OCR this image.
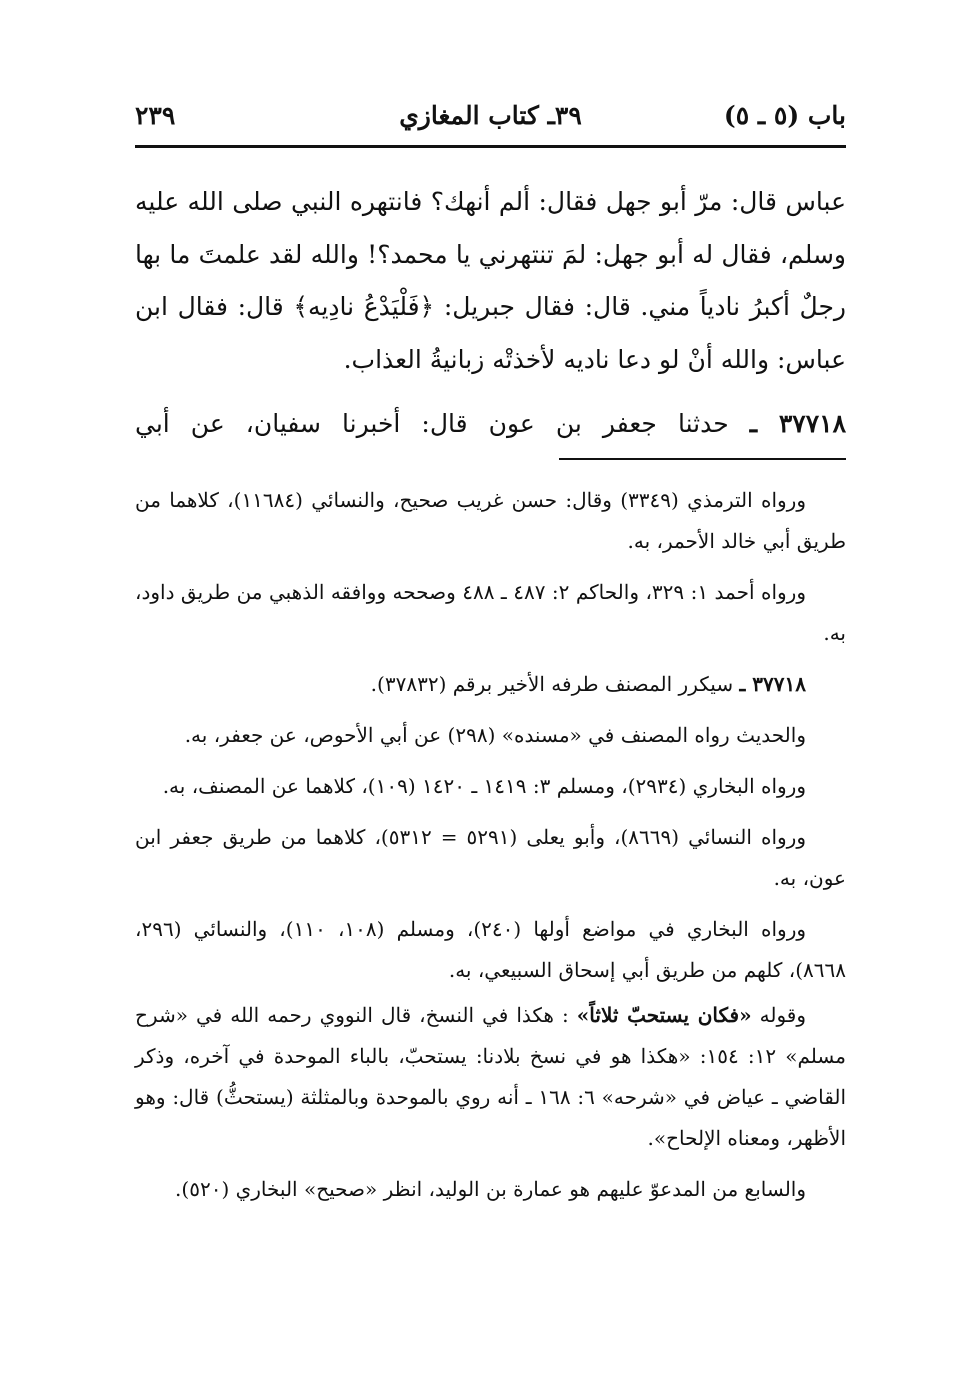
باب (٥ ـ ٥)
٣٩ـ كتاب المغازي
٢٣٩

عباس قال: مرّ أبو جهل فقال: ألم أنهك؟ فانتهره النبي صلى الله عليه وسلم، فقال له أبو جهل: لمَ تنتهرني يا محمد؟! والله لقد علمتَ ما بها رجلٌ أكبرُ نادياً مني. قال: فقال جبريل: ﴿فَلْيَدْعُ نادِيه﴾ قال: فقال ابن عباس: والله أنْ لو دعا ناديه لأخذتْه زبانيةُ العذاب.

٣٧٧١٨ ـ حدثنا جعفر بن عون قال: أخبرنا سفيان، عن أبي

ورواه الترمذي (٣٣٤٩) وقال: حسن غريب صحيح، والنسائي (١١٦٨٤)، كلاهما من طريق أبي خالد الأحمر، به.

ورواه أحمد ١: ٣٢٩، والحاكم ٢: ٤٨٧ ـ ٤٨٨ وصححه ووافقه الذهبي من طريق داود، به.

٣٧٧١٨ ـ سيكرر المصنف طرفه الأخير برقم (٣٧٨٣٢).

والحديث رواه المصنف في «مسنده» (٢٩٨) عن أبي الأحوص، عن جعفر، به.

ورواه البخاري (٢٩٣٤)، ومسلم ٣: ١٤١٩ ـ ١٤٢٠ (١٠٩)، كلاهما عن المصنف، به.

ورواه النسائي (٨٦٦٩)، وأبو يعلى (٥٢٩١ = ٥٣١٢)، كلاهما من طريق جعفر ابن عون، به.

ورواه البخاري في مواضع أولها (٢٤٠)، ومسلم (١٠٨، ١١٠)، والنسائي (٢٩٦، ٨٦٦٨)، كلهم من طريق أبي إسحاق السبيعي، به.

وقوله «فكان يستحبّ ثلاثاً» : هكذا في النسخ، قال النووي رحمه الله في «شرح مسلم» ١٢: ١٥٤: «هكذا هو في نسخ بلادنا: يستحبّ، بالباء الموحدة في آخره، وذكر القاضي ـ عياض في «شرحه» ٦: ١٦٨ ـ أنه روي بالموحدة وبالمثلثة (يستحثُّ) قال: وهو الأظهر، ومعناه الإلحاح».

والسابع من المدعوّ عليهم هو عمارة بن الوليد، انظر «صحيح» البخاري (٥٢٠).
